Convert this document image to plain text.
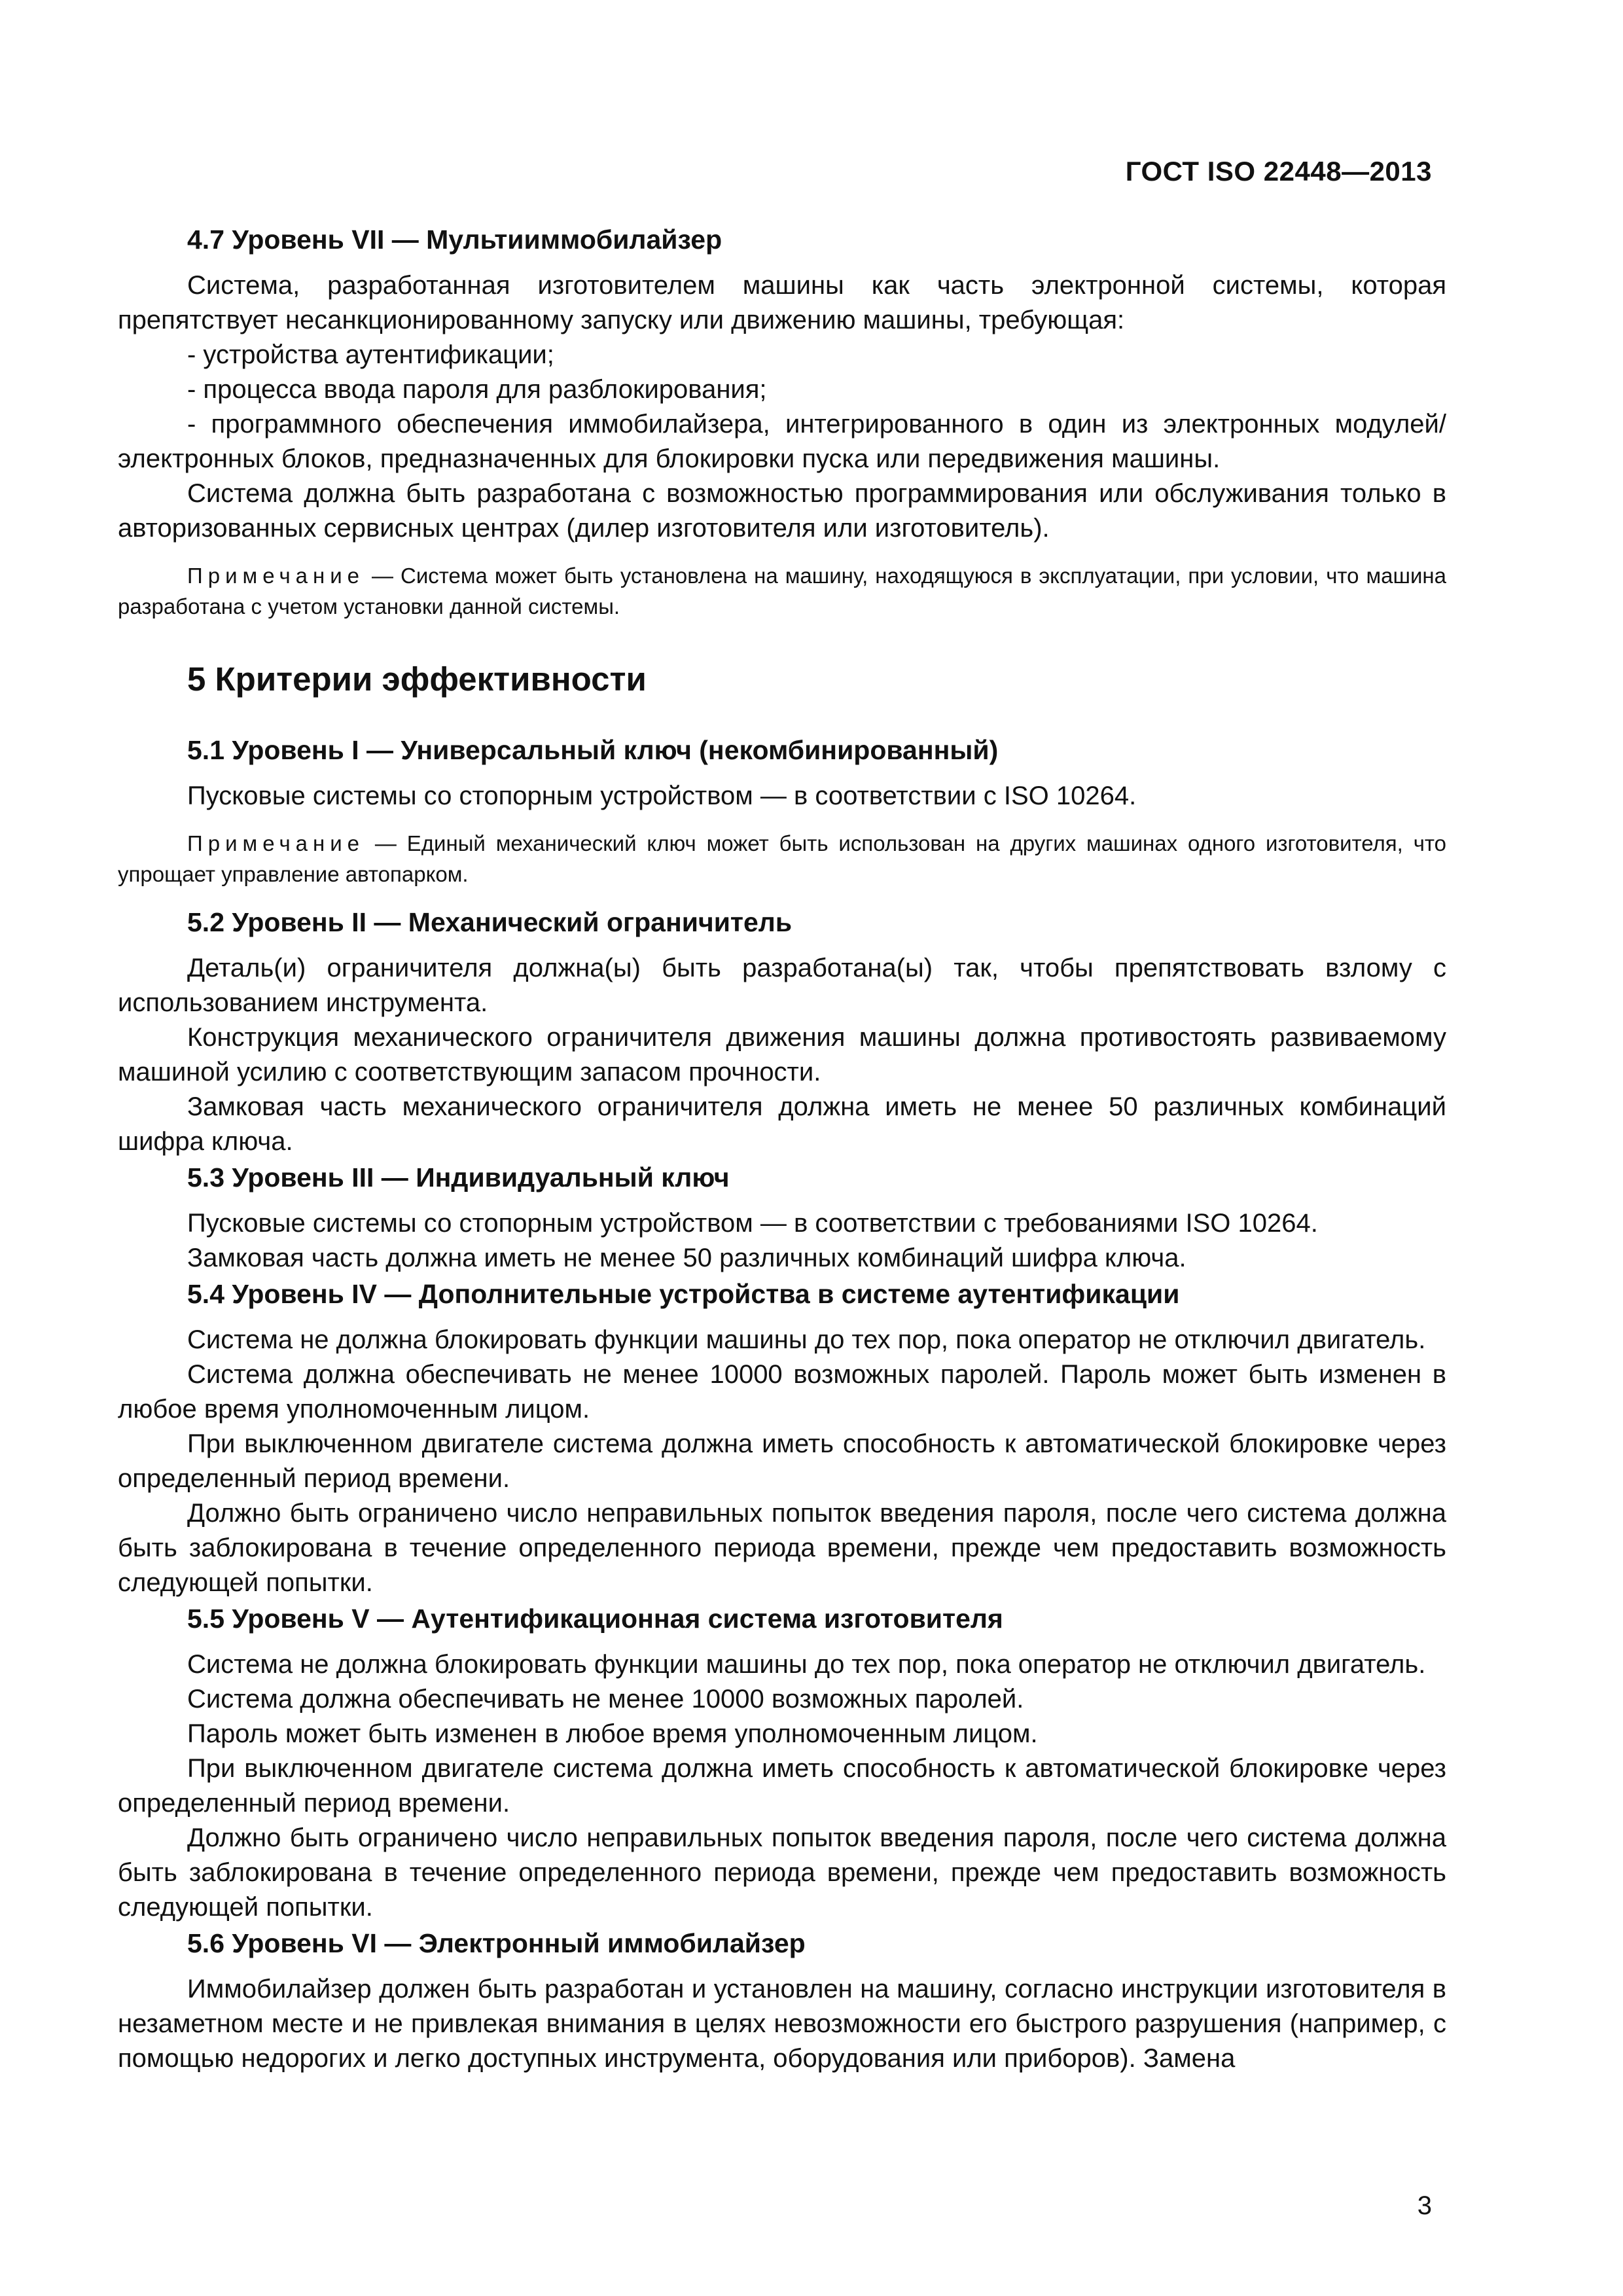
ГОСТ ISO 22448—2013
4.7 Уровень VII — Мультииммобилайзер

Система, разработанная изготовителем машины как часть электронной системы, которая препятствует несанкционированному запуску или движению машины, требующая:

- устройства аутентификации;

- процесса ввода пароля для разблокирования;

- программного обеспечения иммобилайзера, интегрированного в один из электронных модулей/электронных блоков, предназначенных для блокировки пуска или передвижения машины.

Система должна быть разработана с возможностью программирования или обслуживания только в авторизованных сервисных центрах (дилер изготовителя или изготовитель).

Примечание — Система может быть установлена на машину, находящуюся в эксплуатации, при условии, что машина разработана с учетом установки данной системы.

5 Критерии эффективности
5.1 Уровень I — Универсальный ключ (некомбинированный)

Пусковые системы со стопорным устройством — в соответствии с ISO 10264.

Примечание — Единый механический ключ может быть использован на других машинах одного изготовителя, что упрощает управление автопарком.

5.2 Уровень II — Механический ограничитель

Деталь(и) ограничителя должна(ы) быть разработана(ы) так, чтобы препятствовать взлому с использованием инструмента.

Конструкция механического ограничителя движения машины должна противостоять развиваемому машиной усилию с соответствующим запасом прочности.

Замковая часть механического ограничителя должна иметь не менее 50 различных комбинаций шифра ключа.

5.3 Уровень III — Индивидуальный ключ

Пусковые системы со стопорным устройством — в соответствии с требованиями ISO 10264.

Замковая часть должна иметь не менее 50 различных комбинаций шифра ключа.

5.4 Уровень IV — Дополнительные устройства в системе аутентификации

Система не должна блокировать функции машины до тех пор, пока оператор не отключил двигатель.

Система должна обеспечивать не менее 10000 возможных паролей. Пароль может быть изменен в любое время уполномоченным лицом.

При выключенном двигателе система должна иметь способность к автоматической блокировке через определенный период времени.

Должно быть ограничено число неправильных попыток введения пароля, после чего система должна быть заблокирована в течение определенного периода времени, прежде чем предоставить возможность следующей попытки.

5.5 Уровень V — Аутентификационная система изготовителя

Система не должна блокировать функции машины до тех пор, пока оператор не отключил двигатель.

Система должна обеспечивать не менее 10000 возможных паролей.

Пароль может быть изменен в любое время уполномоченным лицом.

При выключенном двигателе система должна иметь способность к автоматической блокировке через определенный период времени.

Должно быть ограничено число неправильных попыток введения пароля, после чего система должна быть заблокирована в течение определенного периода времени, прежде чем предоставить возможность следующей попытки.

5.6 Уровень VI — Электронный иммобилайзер

Иммобилайзер должен быть разработан и установлен на машину, согласно инструкции изготовителя в незаметном месте и не привлекая внимания в целях невозможности его быстрого разрушения (например, с помощью недорогих и легко доступных инструмента, оборудования или приборов). Замена

3
